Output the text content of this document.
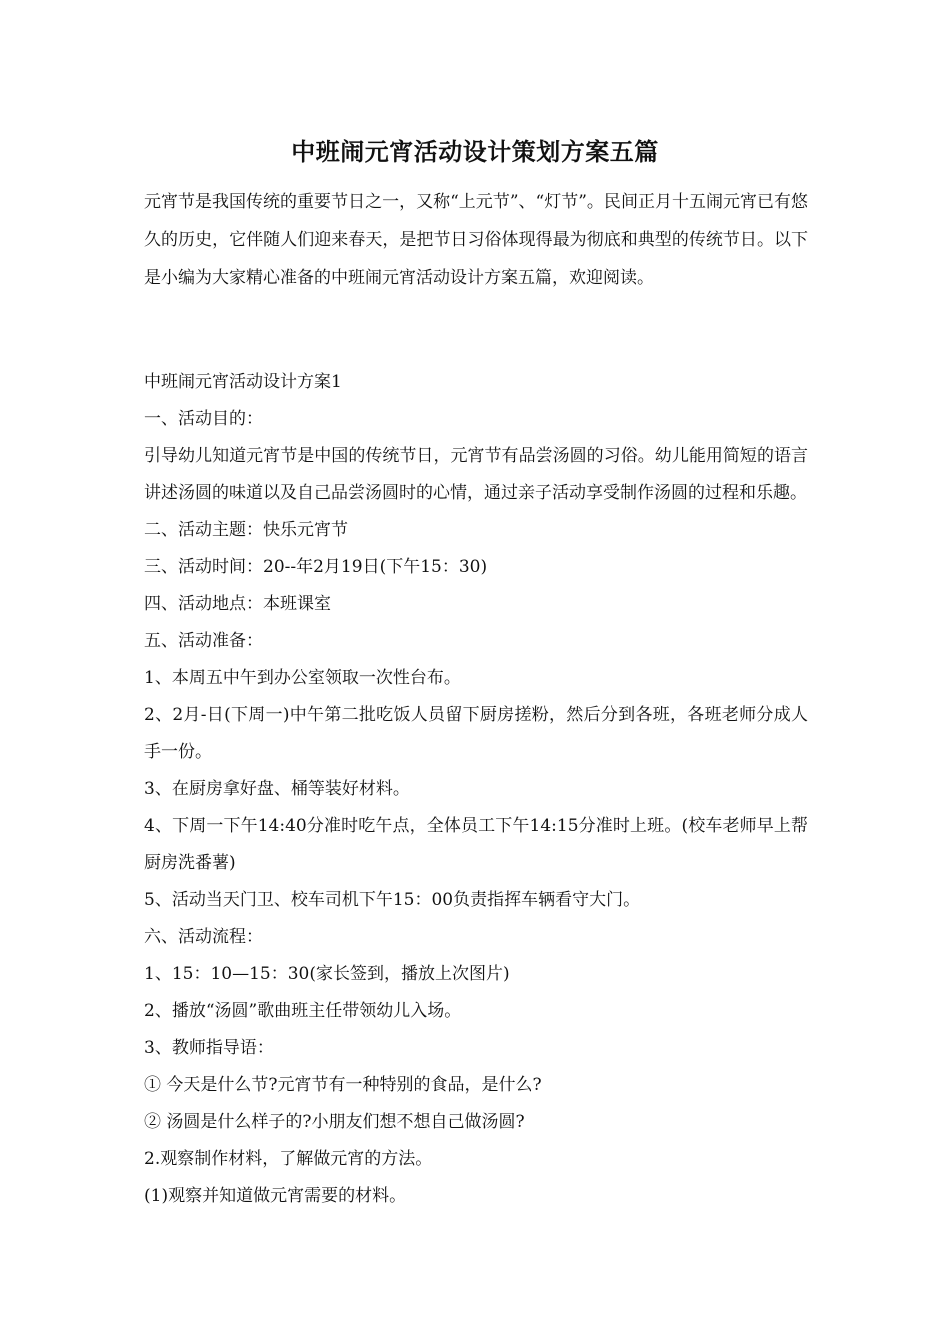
中班闹元宵活动设计策划方案五篇

元宵节是我国传统的重要节日之一，又称“上元节”、“灯节”。民间正月十五闹元宵已有悠久的历史，它伴随人们迎来春天，是把节日习俗体现得最为彻底和典型的传统节日。以下是小编为大家精心准备的中班闹元宵活动设计方案五篇，欢迎阅读。

中班闹元宵活动设计方案1

一、活动目的：

引导幼儿知道元宵节是中国的传统节日，元宵节有品尝汤圆的习俗。幼儿能用简短的语言讲述汤圆的味道以及自己品尝汤圆时的心情，通过亲子活动享受制作汤圆的过程和乐趣。

二、活动主题：快乐元宵节

三、活动时间：20--年2月19日(下午15：30)

四、活动地点：本班课室

五、活动准备：

1、本周五中午到办公室领取一次性台布。

2、2月-日(下周一)中午第二批吃饭人员留下厨房搓粉，然后分到各班，各班老师分成人手一份。

3、在厨房拿好盘、桶等装好材料。

4、下周一下午14:40分准时吃午点，全体员工下午14:15分准时上班。(校车老师早上帮厨房洗番薯)

5、活动当天门卫、校车司机下午15：00负责指挥车辆看守大门。

六、活动流程：

1、15：10—15：30(家长签到，播放上次图片)

2、播放“汤圆”歌曲班主任带领幼儿入场。

3、教师指导语：

① 今天是什么节?元宵节有一种特别的食品，是什么?

② 汤圆是什么样子的?小朋友们想不想自己做汤圆?

2.观察制作材料，了解做元宵的方法。

(1)观察并知道做元宵需要的材料。
